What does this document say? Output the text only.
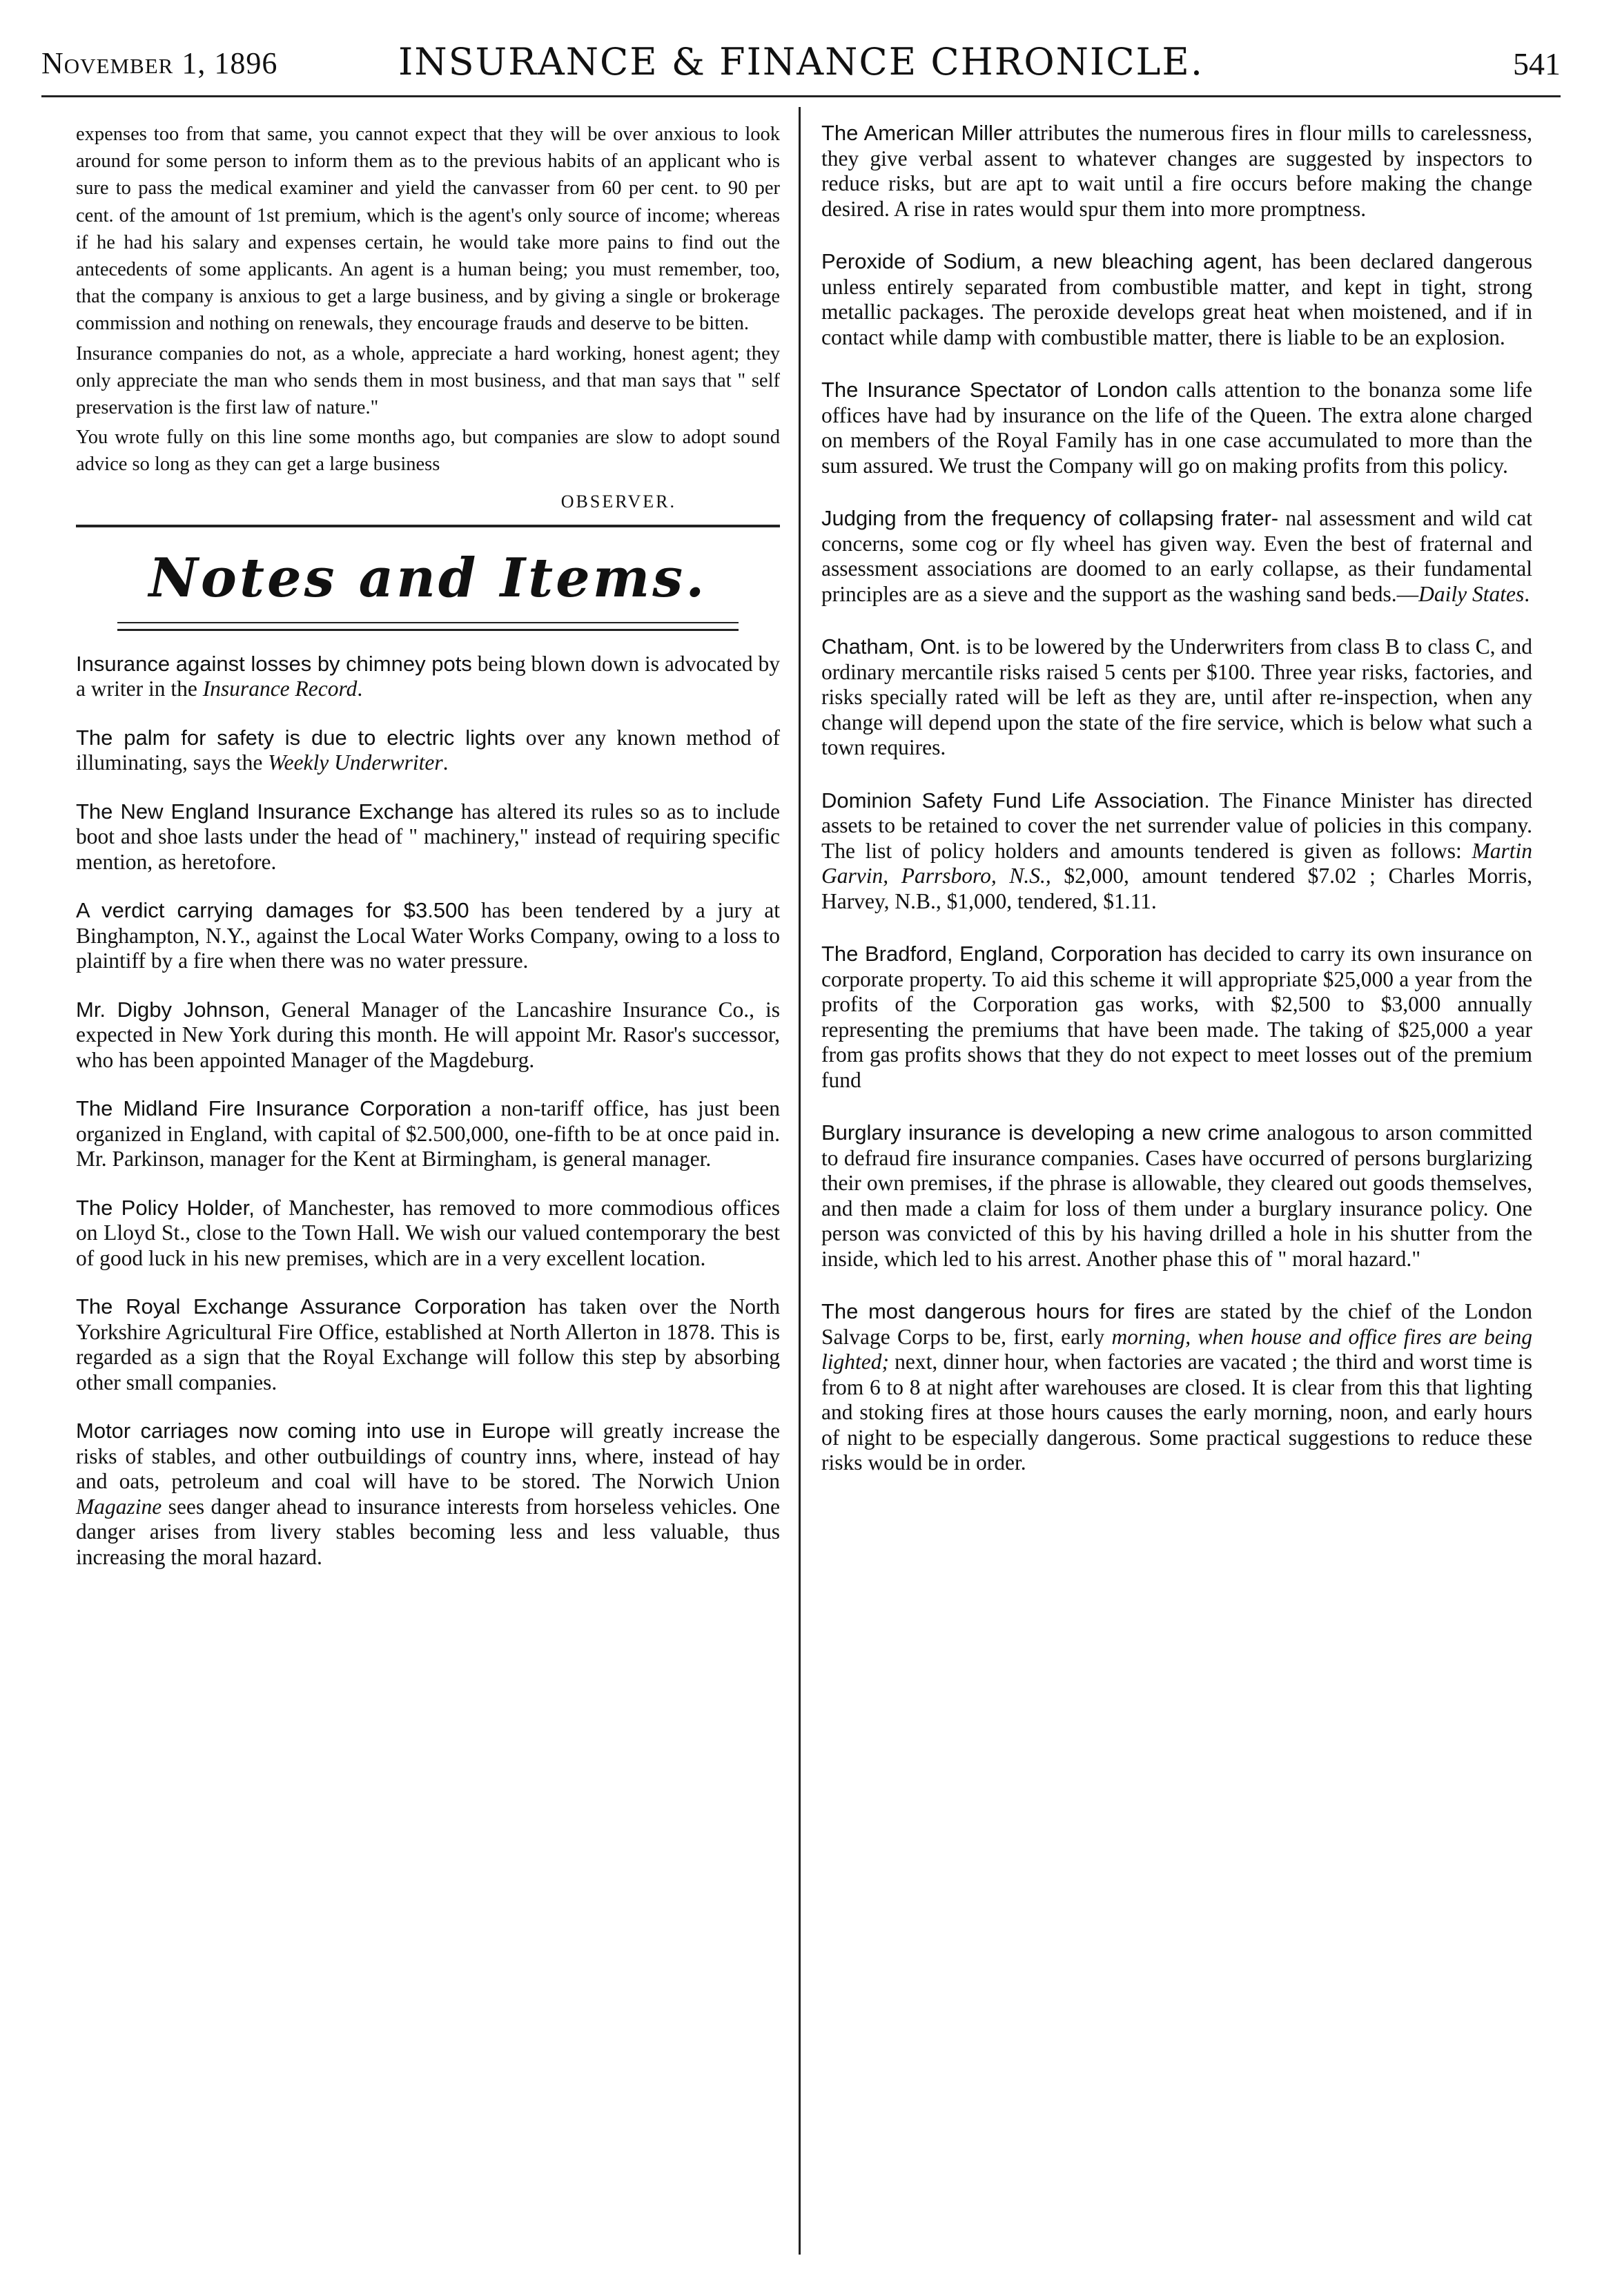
November 1, 1896	INSURANCE & FINANCE CHRONICLE.	541

expenses too from that same, you cannot expect that they will be over anxious to look around for some person to inform them as to the previous habits of an applicant who is sure to pass the medical examiner and yield the canvasser from 60 per cent. to 90 per cent. of the amount of 1st premium, which is the agent's only source of income; whereas if he had his salary and expenses certain, he would take more pains to find out the antecedents of some applicants. An agent is a human being; you must remember, too, that the company is anxious to get a large business, and by giving a single or brokerage commission and nothing on renewals, they encourage frauds and deserve to be bitten.

Insurance companies do not, as a whole, appreciate a hard working, honest agent; they only appreciate the man who sends them in most business, and that man says that " self preservation is the first law of nature."

You wrote fully on this line some months ago, but companies are slow to adopt sound advice so long as they can get a large business

OBSERVER.
Notes and Items.

Insurance against losses by chimney pots being blown down is advocated by a writer in the Insurance Record.

The palm for safety is due to electric lights over any known method of illuminating, says the Weekly Underwriter.

The New England Insurance Exchange has altered its rules so as to include boot and shoe lasts under the head of " machinery," instead of requiring specific mention, as heretofore.

A verdict carrying damages for $3.500 has been tendered by a jury at Binghampton, N.Y., against the Local Water Works Company, owing to a loss to plaintiff by a fire when there was no water pressure.

Mr. Digby Johnson, General Manager of the Lancashire Insurance Co., is expected in New York during this month. He will appoint Mr. Rasor's successor, who has been appointed Manager of the Magdeburg.

The Midland Fire Insurance Corporation a non-tariff office, has just been organized in England, with capital of $2.500,000, one-fifth to be at once paid in. Mr. Parkinson, manager for the Kent at Birmingham, is general manager.

The Policy Holder, of Manchester, has removed to more commodious offices on Lloyd St., close to the Town Hall. We wish our valued contemporary the best of good luck in his new premises, which are in a very excellent location.

The Royal Exchange Assurance Corporation has taken over the North Yorkshire Agricultural Fire Office, established at North Allerton in 1878. This is regarded as a sign that the Royal Exchange will follow this step by absorbing other small companies.

Motor carriages now coming into use in Europe will greatly increase the risks of stables, and other outbuildings of country inns, where, instead of hay and oats, petroleum and coal will have to be stored. The Norwich Union Magazine sees danger ahead to insurance interests from horseless vehicles. One danger arises from livery stables becoming less and less valuable, thus increasing the moral hazard.

The American Miller attributes the numerous fires in flour mills to carelessness, they give verbal assent to whatever changes are suggested by inspectors to reduce risks, but are apt to wait until a fire occurs before making the change desired. A rise in rates would spur them into more promptness.

Peroxide of Sodium, a new bleaching agent, has been declared dangerous unless entirely separated from combustible matter, and kept in tight, strong metallic packages. The peroxide develops great heat when moistened, and if in contact while damp with combustible matter, there is liable to be an explosion.

The Insurance Spectator of London calls attention to the bonanza some life offices have had by insurance on the life of the Queen. The extra alone charged on members of the Royal Family has in one case accumulated to more than the sum assured. We trust the Company will go on making profits from this policy.

Judging from the frequency of collapsing frater- nal assessment and wild cat concerns, some cog or fly wheel has given way. Even the best of fraternal and assessment associations are doomed to an early collapse, as their fundamental principles are as a sieve and the support as the washing sand beds.—Daily States.

Chatham, Ont. is to be lowered by the Underwriters from class B to class C, and ordinary mercantile risks raised 5 cents per $100. Three year risks, factories, and risks specially rated will be left as they are, until after re-inspection, when any change will depend upon the state of the fire service, which is below what such a town requires.

Dominion Safety Fund Life Association. The Finance Minister has directed assets to be retained to cover the net surrender value of policies in this company. The list of policy holders and amounts tendered is given as follows: Martin Garvin, Parrsboro, N.S., $2,000, amount tendered $7.02 ; Charles Morris, Harvey, N.B., $1,000, tendered, $1.11.

The Bradford, England, Corporation has decided to carry its own insurance on corporate property. To aid this scheme it will appropriate $25,000 a year from the profits of the Corporation gas works, with $2,500 to $3,000 annually representing the premiums that have been made. The taking of $25,000 a year from gas profits shows that they do not expect to meet losses out of the premium fund

Burglary insurance is developing a new crime analogous to arson committed to defraud fire insurance companies. Cases have occurred of persons burglarizing their own premises, if the phrase is allowable, they cleared out goods themselves, and then made a claim for loss of them under a burglary insurance policy. One person was convicted of this by his having drilled a hole in his shutter from the inside, which led to his arrest. Another phase this of " moral hazard."

The most dangerous hours for fires are stated by the chief of the London Salvage Corps to be, first, early morning, when house and office fires are being lighted; next, dinner hour, when factories are vacated ; the third and worst time is from 6 to 8 at night after warehouses are closed. It is clear from this that lighting and stoking fires at those hours causes the early morning, noon, and early hours of night to be especially dangerous. Some practical suggestions to reduce these risks would be in order.
